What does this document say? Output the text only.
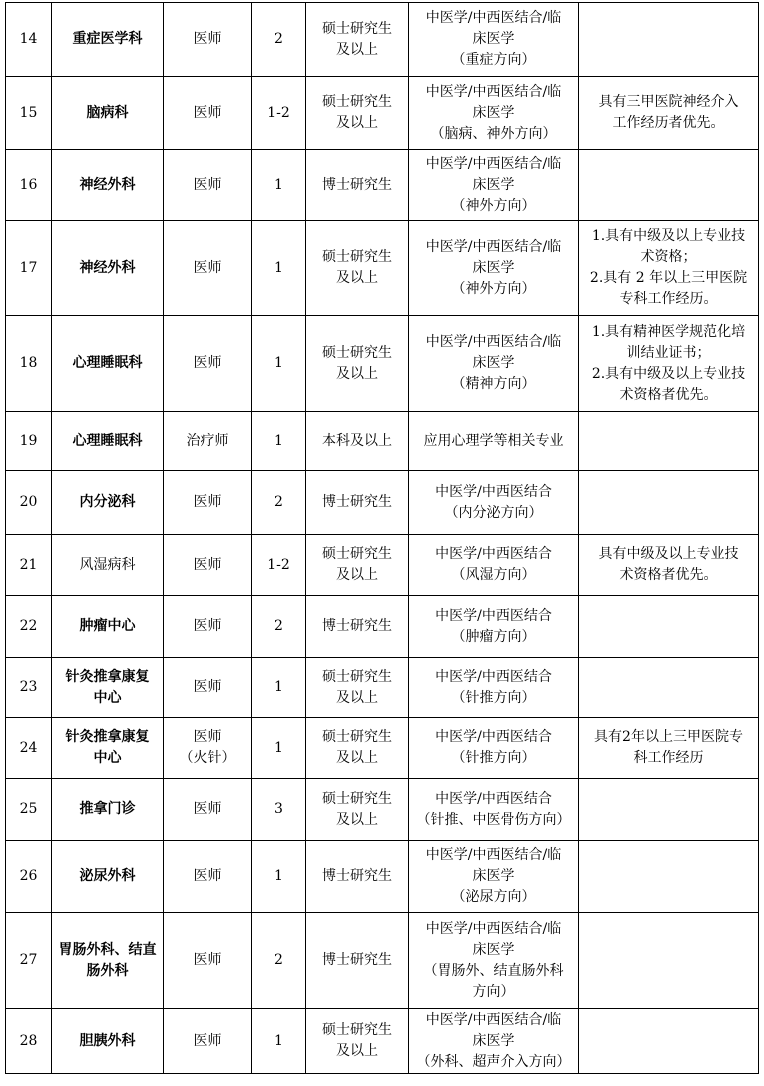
14	重症医学科	医师	2	硕士研究生
及以上	中医学/中西医结合/临
床医学
（重症方向）	

15	脑病科	医师	1-2	硕士研究生
及以上	中医学/中西医结合/临
床医学
（脑病、神外方向）	具有三甲医院神经介入
工作经历者优先。

16	神经外科	医师	1	博士研究生	中医学/中西医结合/临
床医学
（神外方向）	

17	神经外科	医师	1	硕士研究生
及以上	中医学/中西医结合/临
床医学
（神外方向）	1.具有中级及以上专业技
术资格；
2.具有 2 年以上三甲医院
专科工作经历。

18	心理睡眠科	医师	1	硕士研究生
及以上	中医学/中西医结合/临
床医学
（精神方向）	1.具有精神医学规范化培
训结业证书；
2.具有中级及以上专业技
术资格者优先。

19	心理睡眠科	治疗师	1	本科及以上	应用心理学等相关专业	

20	内分泌科	医师	2	博士研究生	中医学/中西医结合
（内分泌方向）	

21	风湿病科	医师	1-2	硕士研究生
及以上	中医学/中西医结合
（风湿方向）	具有中级及以上专业技
术资格者优先。

22	肿瘤中心	医师	2	博士研究生	中医学/中西医结合
（肿瘤方向）	

23	针灸推拿康复
中心	医师	1	硕士研究生
及以上	中医学/中西医结合
（针推方向）	

24	针灸推拿康复
中心	医师
（火针）	1	硕士研究生
及以上	中医学/中西医结合
（针推方向）	具有2年以上三甲医院专
科工作经历

25	推拿门诊	医师	3	硕士研究生
及以上	中医学/中西医结合
（针推、中医骨伤方向）	

26	泌尿外科	医师	1	博士研究生	中医学/中西医结合/临
床医学
（泌尿方向）	

27	胃肠外科、结直
肠外科	医师	2	博士研究生	中医学/中西医结合/临
床医学
（胃肠外、结直肠外科
方向）	

28	胆胰外科	医师	1	硕士研究生
及以上	中医学/中西医结合/临
床医学
（外科、超声介入方向）	
